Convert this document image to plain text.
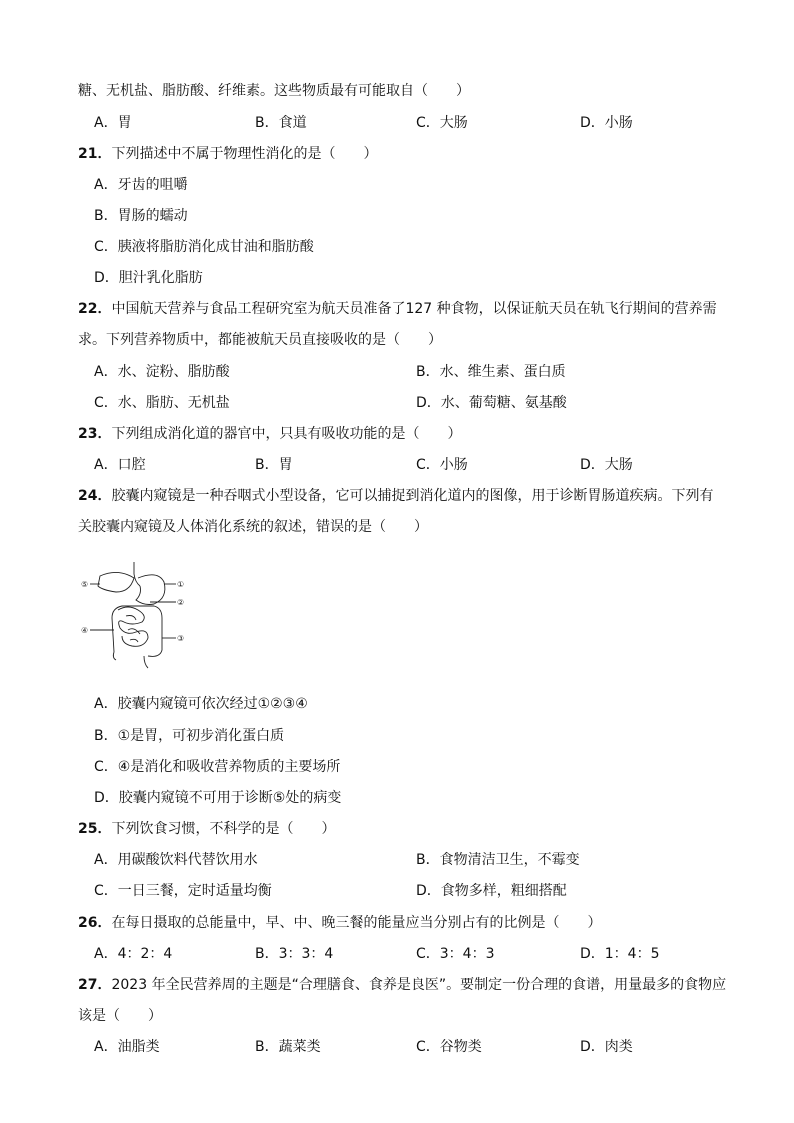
糖、无机盐、脂肪酸、纤维素。这些物质最有可能取自（　　）
A．胃	B．食道	C．大肠	D．小肠
21．下列描述中不属于物理性消化的是（　　）
A．牙齿的咀嚼
B．胃肠的蠕动
C．胰液将脂肪消化成甘油和脂肪酸
D．胆汁乳化脂肪
22．中国航天营养与食品工程研究室为航天员准备了127 种食物，以保证航天员在轨飞行期间的营养需
求。下列营养物质中，都能被航天员直接吸收的是（　　）
A．水、淀粉、脂肪酸	B．水、维生素、蛋白质
C．水、脂肪、无机盐	D．水、葡萄糖、氨基酸
23．下列组成消化道的器官中，只具有吸收功能的是（　　）
A．口腔	B．胃	C．小肠	D．大肠
24．胶囊内窥镜是一种吞咽式小型设备，它可以捕捉到消化道内的图像，用于诊断胃肠道疾病。下列有
关胶囊内窥镜及人体消化系统的叙述，错误的是（　　）
①
②
③
④
⑤
A．胶囊内窥镜可依次经过①②③④
B．①是胃，可初步消化蛋白质
C．④是消化和吸收营养物质的主要场所
D．胶囊内窥镜不可用于诊断⑤处的病变
25．下列饮食习惯，不科学的是（　　）
A．用碳酸饮料代替饮用水	B．食物清洁卫生，不霉变
C．一日三餐，定时适量均衡	D．食物多样，粗细搭配
26．在每日摄取的总能量中，早、中、晚三餐的能量应当分别占有的比例是（　　）
A．4：2：4	B．3：3：4	C．3：4：3	D．1：4：5
27．2023 年全民营养周的主题是“合理膳食、食养是良医”。要制定一份合理的食谱，用量最多的食物应
该是（　　）
A．油脂类	B．蔬菜类	C．谷物类	D．肉类
